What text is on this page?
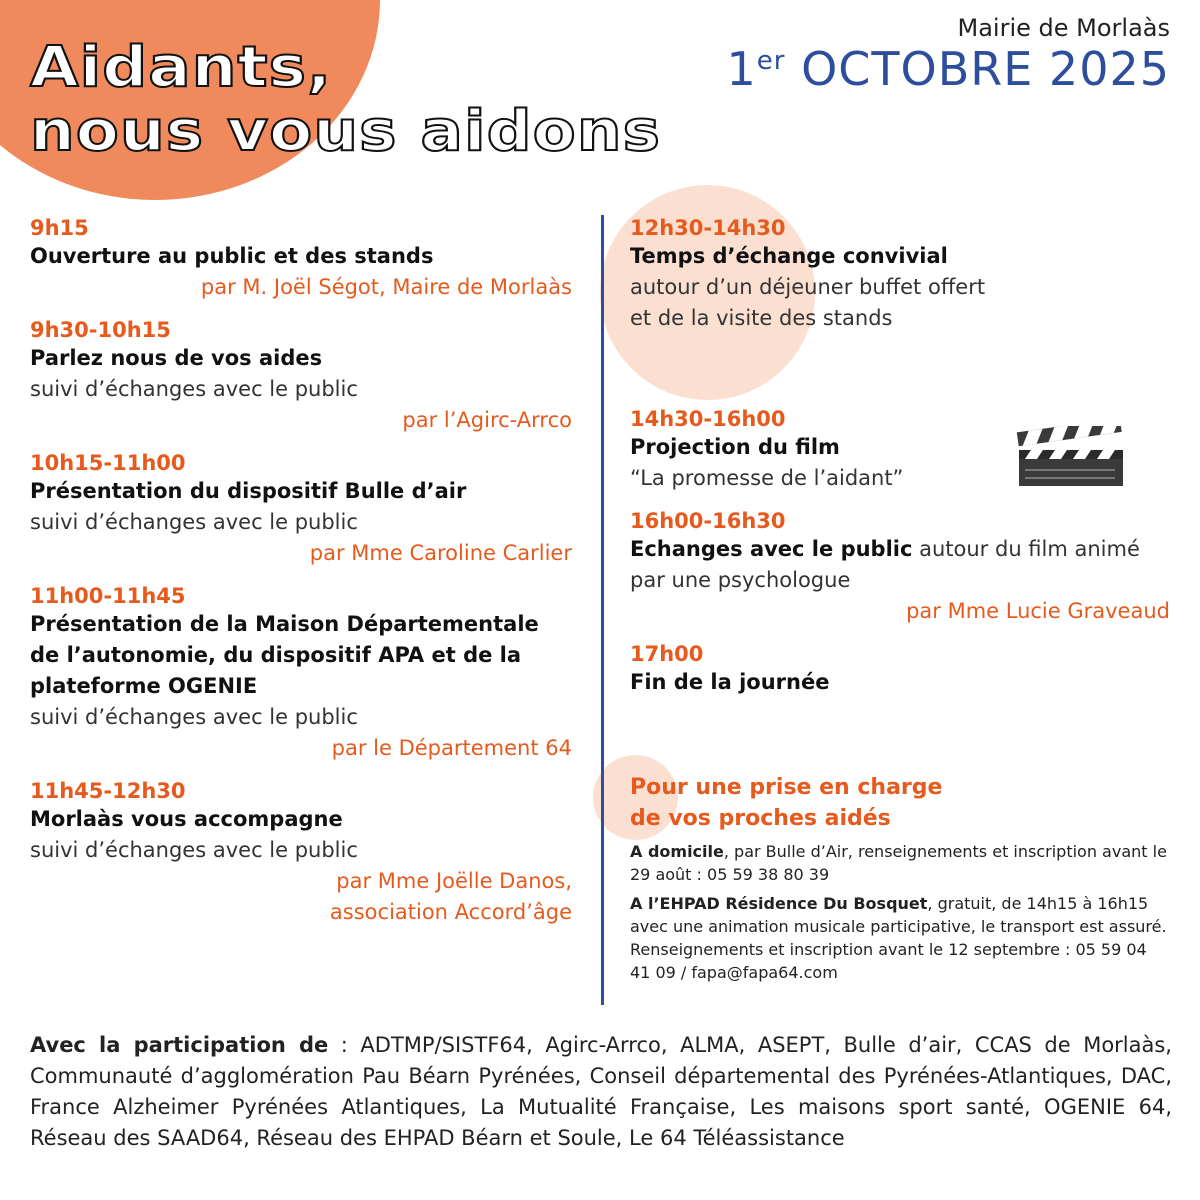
Mairie de Morlaàs
1er OCTOBRE 2025
Aidants,
nous vous aidons
9h15
Ouverture au public et des stands
par M. Joël Ségot, Maire de Morlaàs
9h30-10h15
Parlez nous de vos aides
suivi d’échanges avec le public
par l’Agirc-Arrco
10h15-11h00
Présentation du dispositif Bulle d’air
suivi d’échanges avec le public
par Mme Caroline Carlier
11h00-11h45
Présentation de la Maison Départementale de l’autonomie, du dispositif APA et de la plateforme OGENIE
suivi d’échanges avec le public
par le Département 64
11h45-12h30
Morlaàs vous accompagne
suivi d’échanges avec le public
par Mme Joëlle Danos,
association Accord’âge
12h30-14h30
Temps d’échange convivial
autour d’un déjeuner buffet offert
et de la visite des stands
14h30-16h00
Projection du film
“La promesse de l’aidant”
16h00-16h30
Echanges avec le public autour du film animé par une psychologue
par Mme Lucie Graveaud
17h00
Fin de la journée
Pour une prise en charge
de vos proches aidés
A domicile, par Bulle d’Air, renseignements et inscription avant le 29 août : 05 59 38 80 39
A l’EHPAD Résidence Du Bosquet, gratuit, de 14h15 à 16h15 avec une animation musicale participative, le transport est assuré. Renseignements et inscription avant le 12 septembre : 05 59 04 41 09 / fapa@fapa64.com
Avec la participation de : ADTMP/SISTF64, Agirc-Arrco, ALMA, ASEPT, Bulle d’air, CCAS de Morlaàs, Communauté d’agglomération Pau Béarn Pyrénées, Conseil départemental des Pyrénées-Atlantiques, DAC, France Alzheimer Pyrénées Atlantiques, La Mutualité Française, Les maisons sport santé, OGENIE 64, Réseau des SAAD64, Réseau des EHPAD Béarn et Soule, Le 64 Téléassistance
